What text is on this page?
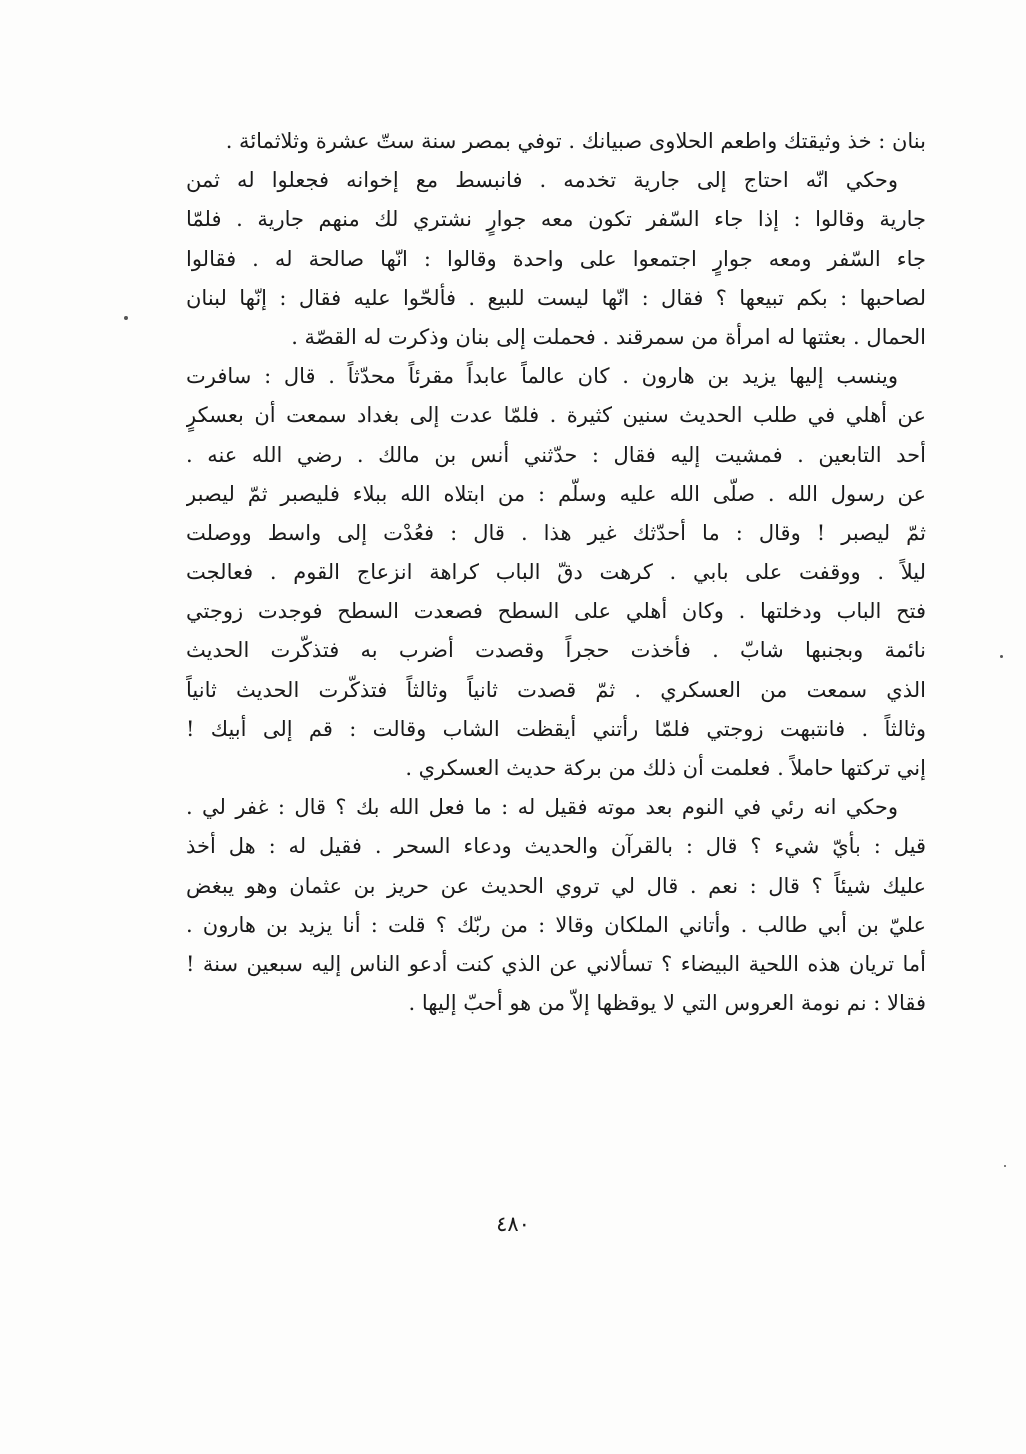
بنان : خذ وثيقتك واطعم الحلاوى صبيانك . توفي بمصر سنة ستّ عشرة وثلاثمائة .
وحكي انّه احتاج إلى جارية تخدمه . فانبسط مع إخوانه فجعلوا له ثمن
جارية وقالوا : إذا جاء السّفر تكون معه جوارٍ نشتري لك منهم جارية . فلمّا
جاء السّفر ومعه جوارٍ اجتمعوا على واحدة وقالوا : انّها صالحة له . فقالوا
لصاحبها : بكم تبيعها ؟ فقال : انّها ليست للبيع . فألحّوا عليه فقال : إنّها لبنان
الحمال . بعثتها له امرأة من سمرقند . فحملت إلى بنان وذكرت له القصّة .
وينسب إليها يزيد بن هارون . كان عالماً عابداً مقرئاً محدّثاً . قال : سافرت
عن أهلي في طلب الحديث سنين كثيرة . فلمّا عدت إلى بغداد سمعت أن بعسكرٍ
أحد التابعين . فمشيت إليه فقال : حدّثني أنس بن مالك . رضي الله عنه .
عن رسول الله . صلّى الله عليه وسلّم : من ابتلاه الله ببلاء فليصبر ثمّ ليصبر
ثمّ ليصبر ! وقال : ما أحدّثك غير هذا . قال : فعُدْت إلى واسط ووصلت
ليلاً . ووقفت على بابي . كرهت دقّ الباب كراهة انزعاج القوم . فعالجت
فتح الباب ودخلتها . وكان أهلي على السطح فصعدت السطح فوجدت زوجتي
نائمة وبجنبها شابّ . فأخذت حجراً وقصدت أضرب به فتذكّرت الحديث
الذي سمعت من العسكري . ثمّ قصدت ثانياً وثالثاً فتذكّرت الحديث ثانياً
وثالثاً . فانتبهت زوجتي فلمّا رأتني أيقظت الشاب وقالت : قم إلى أبيك !
إني تركتها حاملاً . فعلمت أن ذلك من بركة حديث العسكري .
وحكي انه رئي في النوم بعد موته فقيل له : ما فعل الله بك ؟ قال : غفر لي .
قيل : بأيّ شيء ؟ قال : بالقرآن والحديث ودعاء السحر . فقيل له : هل أخذ
عليك شيئاً ؟ قال : نعم . قال لي تروي الحديث عن حريز بن عثمان وهو يبغض
عليّ بن أبي طالب . وأتاني الملكان وقالا : من ربّك ؟ قلت : أنا يزيد بن هارون .
أما تريان هذه اللحية البيضاء ؟ تسألاني عن الذي كنت أدعو الناس إليه سبعين سنة !
فقالا : نم نومة العروس التي لا يوقظها إلاّ من هو أحبّ إليها .
٤٨٠
